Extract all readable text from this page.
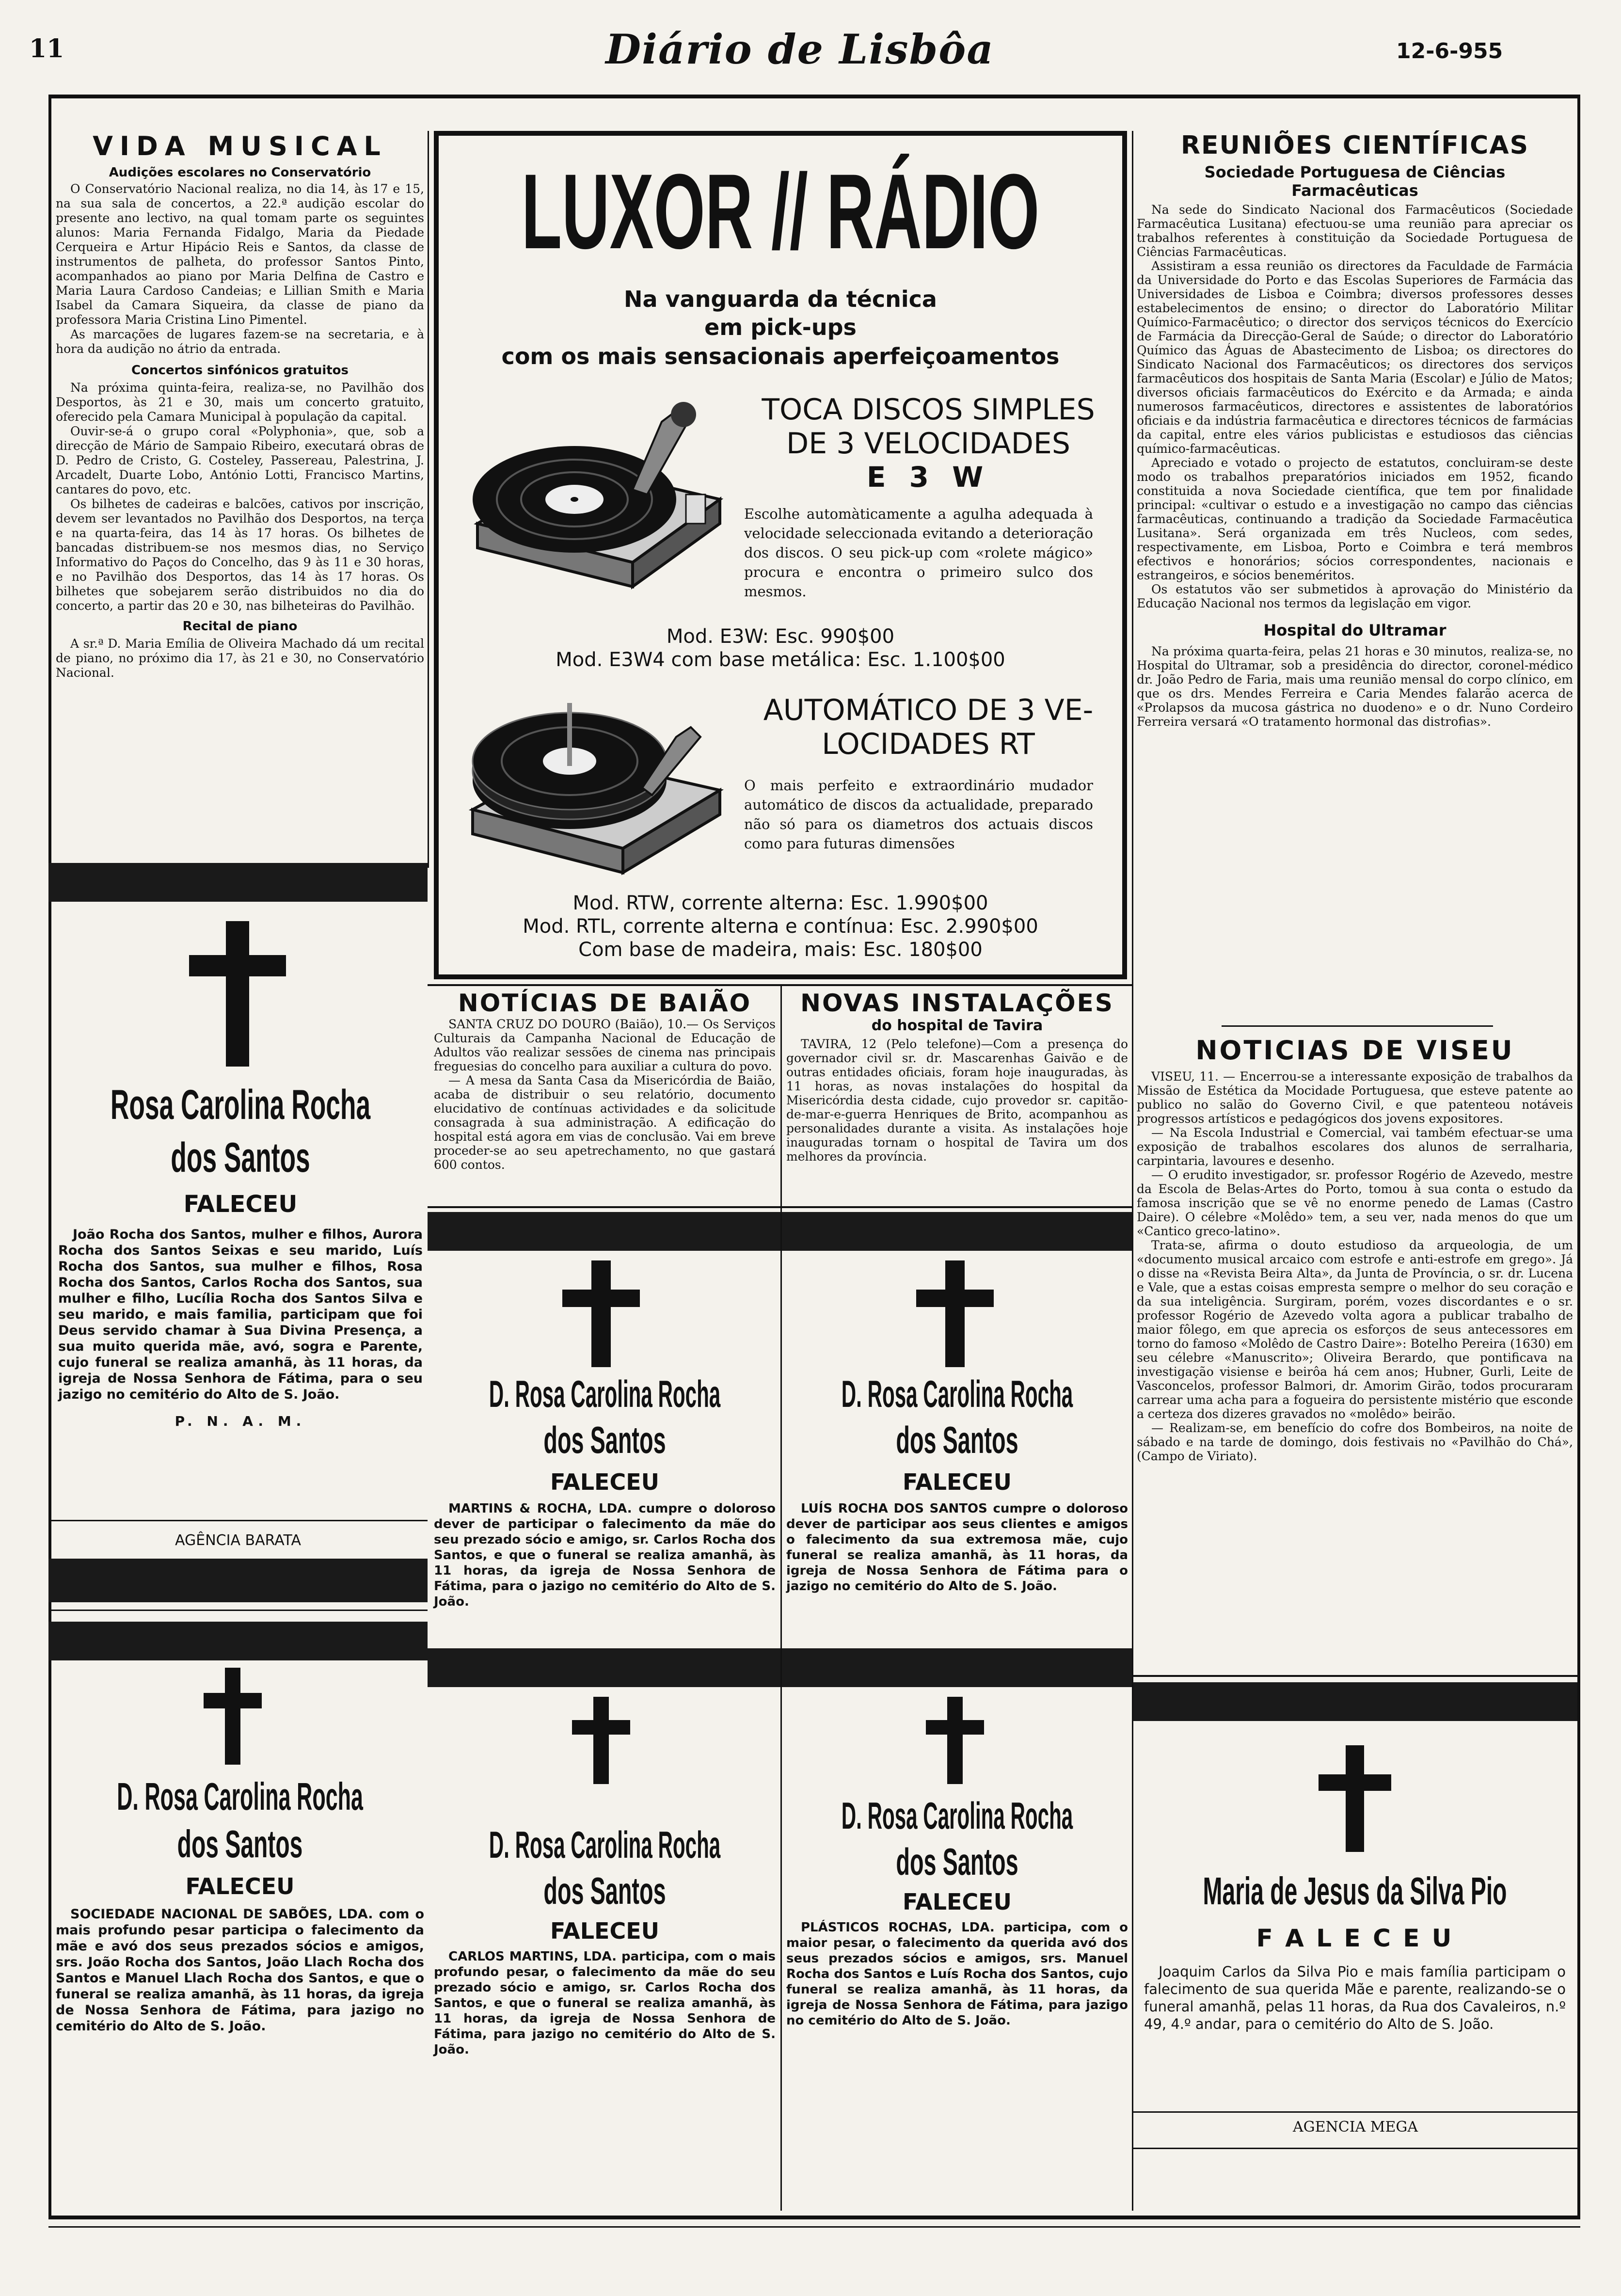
11	Diário de Lisbôa	12-6-955
VIDA MUSICAL
Audições escolares no Conservatório

O Conservatório Nacional realiza, no dia 14, às 17 e 15, na sua sala de concertos, a 22.ª audição escolar do presente ano lectivo, na qual tomam parte os seguintes alunos: Maria Fernanda Fidalgo, Maria da Piedade Cerqueira e Artur Hipácio Reis e Santos, da classe de instrumentos de palheta, do professor Santos Pinto, acompanhados ao piano por Maria Delfina de Castro e Maria Laura Cardoso Candeias; e Lillian Smith e Maria Isabel da Camara Siqueira, da classe de piano da professora Maria Cristina Lino Pimentel.

As marcações de lugares fazem-se na secretaria, e à hora da audição no átrio da entrada.

Concertos sinfónicos gratuitos

Na próxima quinta-feira, realiza-se, no Pavilhão dos Desportos, às 21 e 30, mais um concerto gratuito, oferecido pela Camara Municipal à população da capital.

Ouvir-se-á o grupo coral «Polyphonia», que, sob a direcção de Mário de Sampaio Ribeiro, executará obras de D. Pedro de Cristo, G. Costeley, Passereau, Palestrina, J. Arcadelt, Duarte Lobo, António Lotti, Francisco Martins, cantares do povo, etc.

Os bilhetes de cadeiras e balcões, cativos por inscrição, devem ser levantados no Pavilhão dos Desportos, na terça e na quarta-feira, das 14 às 17 horas. Os bilhetes de bancadas distribuem-se nos mesmos dias, no Serviço Informativo do Paços do Concelho, das 9 às 11 e 30 horas, e no Pavilhão dos Desportos, das 14 às 17 horas. Os bilhetes que sobejarem serão distribuidos no dia do concerto, a partir das 20 e 30, nas bilheteiras do Pavilhão.

Recital de piano

A sr.ª D. Maria Emília de Oliveira Machado dá um recital de piano, no próximo dia 17, às 21 e 30, no Conservatório Nacional.

Rosa Carolina Rocha
dos Santos
FALECEU

João Rocha dos Santos, mulher e filhos, Aurora Rocha dos Santos Seixas e seu marido, Luís Rocha dos Santos, sua mulher e filhos, Rosa Rocha dos Santos, Carlos Rocha dos Santos, sua mulher e filho, Lucília Rocha dos Santos Silva e seu marido, e mais familia, participam que foi Deus servido chamar à Sua Divina Presença, a sua muito querida mãe, avó, sogra e Parente, cujo funeral se realiza amanhã, às 11 horas, da igreja de Nossa Senhora de Fátima, para o seu jazigo no cemitério do Alto de S. João.

P. N. A. M.
AGÊNCIA BARATA
D. Rosa Carolina Rocha
dos Santos
FALECEU

SOCIEDADE NACIONAL DE SABÕES, LDA. com o mais profundo pesar participa o falecimento da mãe e avó dos seus prezados sócios e amigos, srs. João Rocha dos Santos, João Llach Rocha dos Santos e Manuel Llach Rocha dos Santos, e que o funeral se realiza amanhã, às 11 horas, da igreja de Nossa Senhora de Fátima, para jazigo no cemitério do Alto de S. João.

LUXOR // RÁDIO
Na vanguarda da técnica
em pick-ups
com os mais sensacionais aperfeiçoamentos
TOCA DISCOS SIMPLES
DE 3 VELOCIDADES
E 3 W

Escolhe automàticamente a agulha adequada à velocidade seleccionada evitando a deterioração dos discos. O seu pick-up com «rolete mágico» procura e encontra o primeiro sulco dos mesmos.

Mod. E3W: Esc. 990$00
Mod. E3W4 com base metálica: Esc. 1.100$00
AUTOMÁTICO DE 3 VE-
LOCIDADES RT

O mais perfeito e extraordinário mudador automático de discos da actualidade, preparado não só para os diametros dos actuais discos como para futuras dimensões

Mod. RTW, corrente alterna: Esc. 1.990$00
Mod. RTL, corrente alterna e contínua: Esc. 2.990$00
Com base de madeira, mais: Esc. 180$00
NOTÍCIAS DE BAIÃO

SANTA CRUZ DO DOURO (Baião), 10.— Os Serviços Culturais da Campanha Nacional de Educação de Adultos vão realizar sessões de cinema nas principais freguesias do concelho para auxiliar a cultura do povo.

— A mesa da Santa Casa da Misericórdia de Baião, acaba de distribuir o seu relatório, documento elucidativo de contínuas actividades e da solicitude consagrada à sua administração. A edificação do hospital está agora em vias de conclusão. Vai em breve proceder-se ao seu apetrechamento, no que gastará 600 contos.

NOVAS INSTALAÇÕES
do hospital de Tavira

TAVIRA, 12 (Pelo telefone)—Com a presença do governador civil sr. dr. Mascarenhas Gaivão e de outras entidades oficiais, foram hoje inauguradas, às 11 horas, as novas instalações do hospital da Misericórdia desta cidade, cujo provedor sr. capitão-de-mar-e-guerra Henriques de Brito, acompanhou as personalidades durante a visita. As instalações hoje inauguradas tornam o hospital de Tavira um dos melhores da província.

D. Rosa Carolina Rocha
dos Santos
FALECEU

MARTINS & ROCHA, LDA. cumpre o doloroso dever de participar o falecimento da mãe do seu prezado sócio e amigo, sr. Carlos Rocha dos Santos, e que o funeral se realiza amanhã, às 11 horas, da igreja de Nossa Senhora de Fátima, para o jazigo no cemitério do Alto de S. João.

D. Rosa Carolina Rocha
dos Santos
FALECEU

LUÍS ROCHA DOS SANTOS cumpre o doloroso dever de participar aos seus clientes e amigos o falecimento da sua extremosa mãe, cujo funeral se realiza amanhã, às 11 horas, da igreja de Nossa Senhora de Fátima para o jazigo no cemitério do Alto de S. João.

D. Rosa Carolina Rocha
dos Santos
FALECEU

CARLOS MARTINS, LDA. participa, com o mais profundo pesar, o falecimento da mãe do seu prezado sócio e amigo, sr. Carlos Rocha dos Santos, e que o funeral se realiza amanhã, às 11 horas, da igreja de Nossa Senhora de Fátima, para jazigo no cemitério do Alto de S. João.

D. Rosa Carolina Rocha
dos Santos
FALECEU

PLÁSTICOS ROCHAS, LDA. participa, com o maior pesar, o falecimento da querida avó dos seus prezados sócios e amigos, srs. Manuel Rocha dos Santos e Luís Rocha dos Santos, cujo funeral se realiza amanhã, às 11 horas, da igreja de Nossa Senhora de Fátima, para jazigo no cemitério do Alto de S. João.

REUNIÕES CIENTÍFICAS
Sociedade Portuguesa de Ciências Farmacêuticas

Na sede do Sindicato Nacional dos Farmacêuticos (Sociedade Farmacêutica Lusitana) efectuou-se uma reunião para apreciar os trabalhos referentes à constituição da Sociedade Portuguesa de Ciências Farmacêuticas.

Assistiram a essa reunião os directores da Faculdade de Farmácia da Universidade do Porto e das Escolas Superiores de Farmácia das Universidades de Lisboa e Coimbra; diversos professores desses estabelecimentos de ensino; o director do Laboratório Militar Químico-Farmacêutico; o director dos serviços técnicos do Exercício de Farmácia da Direcção-Geral de Saúde; o director do Laboratório Químico das Águas de Abastecimento de Lisboa; os directores do Sindicato Nacional dos Farmacêuticos; os directores dos serviços farmacêuticos dos hospitais de Santa Maria (Escolar) e Júlio de Matos; diversos oficiais farmacêuticos do Exército e da Armada; e ainda numerosos farmacêuticos, directores e assistentes de laboratórios oficiais e da indústria farmacêutica e directores técnicos de farmácias da capital, entre eles vários publicistas e estudiosos das ciências químico-farmacêuticas.

Apreciado e votado o projecto de estatutos, concluiram-se deste modo os trabalhos preparatórios iniciados em 1952, ficando constituida a nova Sociedade científica, que tem por finalidade principal: «cultivar o estudo e a investigação no campo das ciências farmacêuticas, continuando a tradição da Sociedade Farmacêutica Lusitana». Será organizada em três Nucleos, com sedes, respectivamente, em Lisboa, Porto e Coimbra e terá membros efectivos e honorários; sócios correspondentes, nacionais e estrangeiros, e sócios beneméritos.

Os estatutos vão ser submetidos à aprovação do Ministério da Educação Nacional nos termos da legislação em vigor.

Hospital do Ultramar

Na próxima quarta-feira, pelas 21 horas e 30 minutos, realiza-se, no Hospital do Ultramar, sob a presidência do director, coronel-médico dr. João Pedro de Faria, mais uma reunião mensal do corpo clínico, em que os drs. Mendes Ferreira e Caria Mendes falarão acerca de «Prolapsos da mucosa gástrica no duodeno» e o dr. Nuno Cordeiro Ferreira versará «O tratamento hormonal das distrofias».

NOTICIAS DE VISEU

VISEU, 11. — Encerrou-se a interessante exposição de trabalhos da Missão de Estética da Mocidade Portuguesa, que esteve patente ao publico no salão do Governo Civil, e que patenteou notáveis progressos artísticos e pedagógicos dos jovens expositores.

— Na Escola Industrial e Comercial, vai também efectuar-se uma exposição de trabalhos escolares dos alunos de serralharia, carpintaria, lavoures e desenho.

— O erudito investigador, sr. professor Rogério de Azevedo, mestre da Escola de Belas-Artes do Porto, tomou à sua conta o estudo da famosa inscrição que se vê no enorme penedo de Lamas (Castro Daire). O célebre «Molêdo» tem, a seu ver, nada menos do que um «Cantico greco-latino».

Trata-se, afirma o douto estudioso da arqueologia, de um «documento musical arcaico com estrofe e anti-estrofe em grego». Já o disse na «Revista Beira Alta», da Junta de Província, o sr. dr. Lucena e Vale, que a estas coisas empresta sempre o melhor do seu coração e da sua inteligência. Surgiram, porém, vozes discordantes e o sr. professor Rogério de Azevedo volta agora a publicar trabalho de maior fôlego, em que aprecia os esforços de seus antecessores em torno do famoso «Molêdo de Castro Daire»: Botelho Pereira (1630) em seu célebre «Manuscrito»; Oliveira Berardo, que pontificava na investigação visiense e beirôa há cem anos; Hubner, Gurli, Leite de Vasconcelos, professor Balmori, dr. Amorim Girão, todos procuraram carrear uma acha para a fogueira do persistente mistério que esconde a certeza dos dizeres gravados no «molêdo» beirão.

— Realizam-se, em benefício do cofre dos Bombeiros, na noite de sábado e na tarde de domingo, dois festivais no «Pavilhão do Chá», (Campo de Viriato).

Maria de Jesus da Silva Pio
F A L E C E U

Joaquim Carlos da Silva Pio e mais família participam o falecimento de sua querida Mãe e parente, realizando-se o funeral amanhã, pelas 11 horas, da Rua dos Cavaleiros, n.º 49, 4.º andar, para o cemitério do Alto de S. João.

AGENCIA MEGA
